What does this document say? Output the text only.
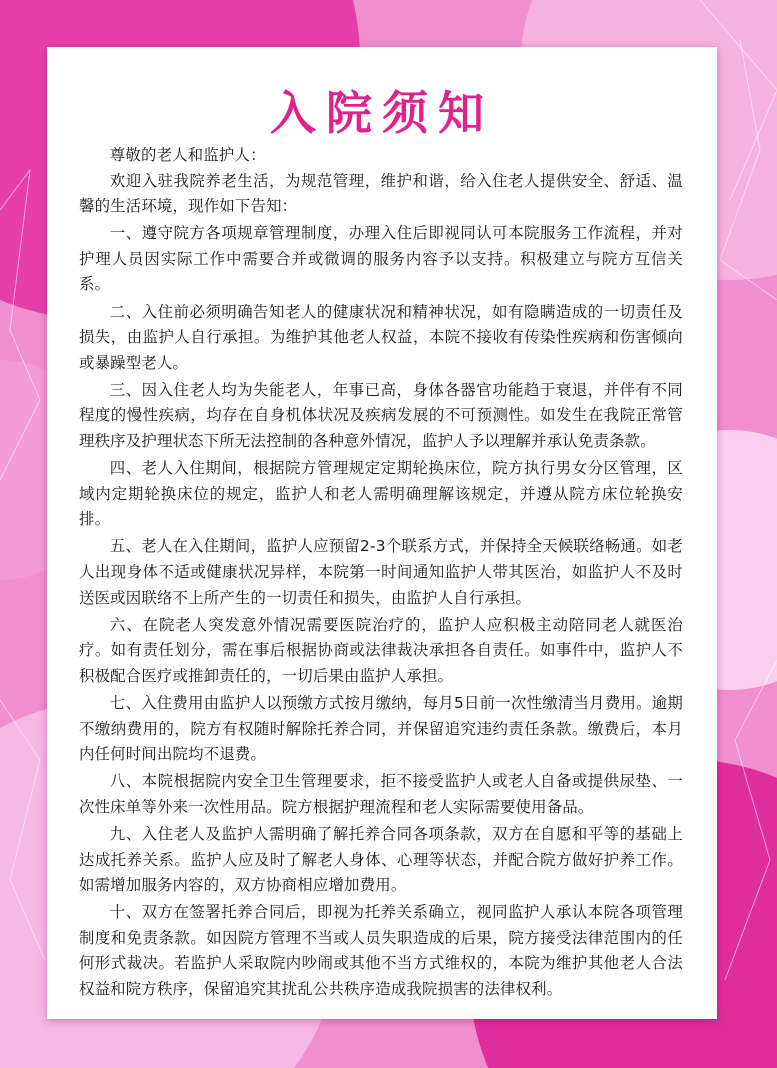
入院须知

尊敬的老人和监护人：

欢迎入驻我院养老生活，为规范管理，维护和谐，给入住老人提供安全、舒适、温馨的生活环境，现作如下告知：

一、遵守院方各项规章管理制度，办理入住后即视同认可本院服务工作流程，并对护理人员因实际工作中需要合并或微调的服务内容予以支持。积极建立与院方互信关系。

二、入住前必须明确告知老人的健康状况和精神状况，如有隐瞒造成的一切责任及损失，由监护人自行承担。为维护其他老人权益，本院不接收有传染性疾病和伤害倾向或暴躁型老人。

三、因入住老人均为失能老人，年事已高，身体各器官功能趋于衰退，并伴有不同程度的慢性疾病，均存在自身机体状况及疾病发展的不可预测性。如发生在我院正常管理秩序及护理状态下所无法控制的各种意外情况，监护人予以理解并承认免责条款。

四、老人入住期间，根据院方管理规定定期轮换床位，院方执行男女分区管理，区域内定期轮换床位的规定，监护人和老人需明确理解该规定，并遵从院方床位轮换安排。

五、老人在入住期间，监护人应预留2-3个联系方式，并保持全天候联络畅通。如老人出现身体不适或健康状况异样，本院第一时间通知监护人带其医治，如监护人不及时送医或因联络不上所产生的一切责任和损失，由监护人自行承担。

六、在院老人突发意外情况需要医院治疗的，监护人应积极主动陪同老人就医治疗。如有责任划分，需在事后根据协商或法律裁决承担各自责任。如事件中，监护人不积极配合医疗或推卸责任的，一切后果由监护人承担。

七、入住费用由监护人以预缴方式按月缴纳，每月5日前一次性缴清当月费用。逾期不缴纳费用的，院方有权随时解除托养合同，并保留追究违约责任条款。缴费后，本月内任何时间出院均不退费。

八、本院根据院内安全卫生管理要求，拒不接受监护人或老人自备或提供尿垫、一次性床单等外来一次性用品。院方根据护理流程和老人实际需要使用备品。

九、入住老人及监护人需明确了解托养合同各项条款，双方在自愿和平等的基础上达成托养关系。监护人应及时了解老人身体、心理等状态，并配合院方做好护养工作。如需增加服务内容的，双方协商相应增加费用。

十、双方在签署托养合同后，即视为托养关系确立，视同监护人承认本院各项管理制度和免责条款。如因院方管理不当或人员失职造成的后果，院方接受法律范围内的任何形式裁决。若监护人采取院内吵闹或其他不当方式维权的，本院为维护其他老人合法权益和院方秩序，保留追究其扰乱公共秩序造成我院损害的法律权利。
